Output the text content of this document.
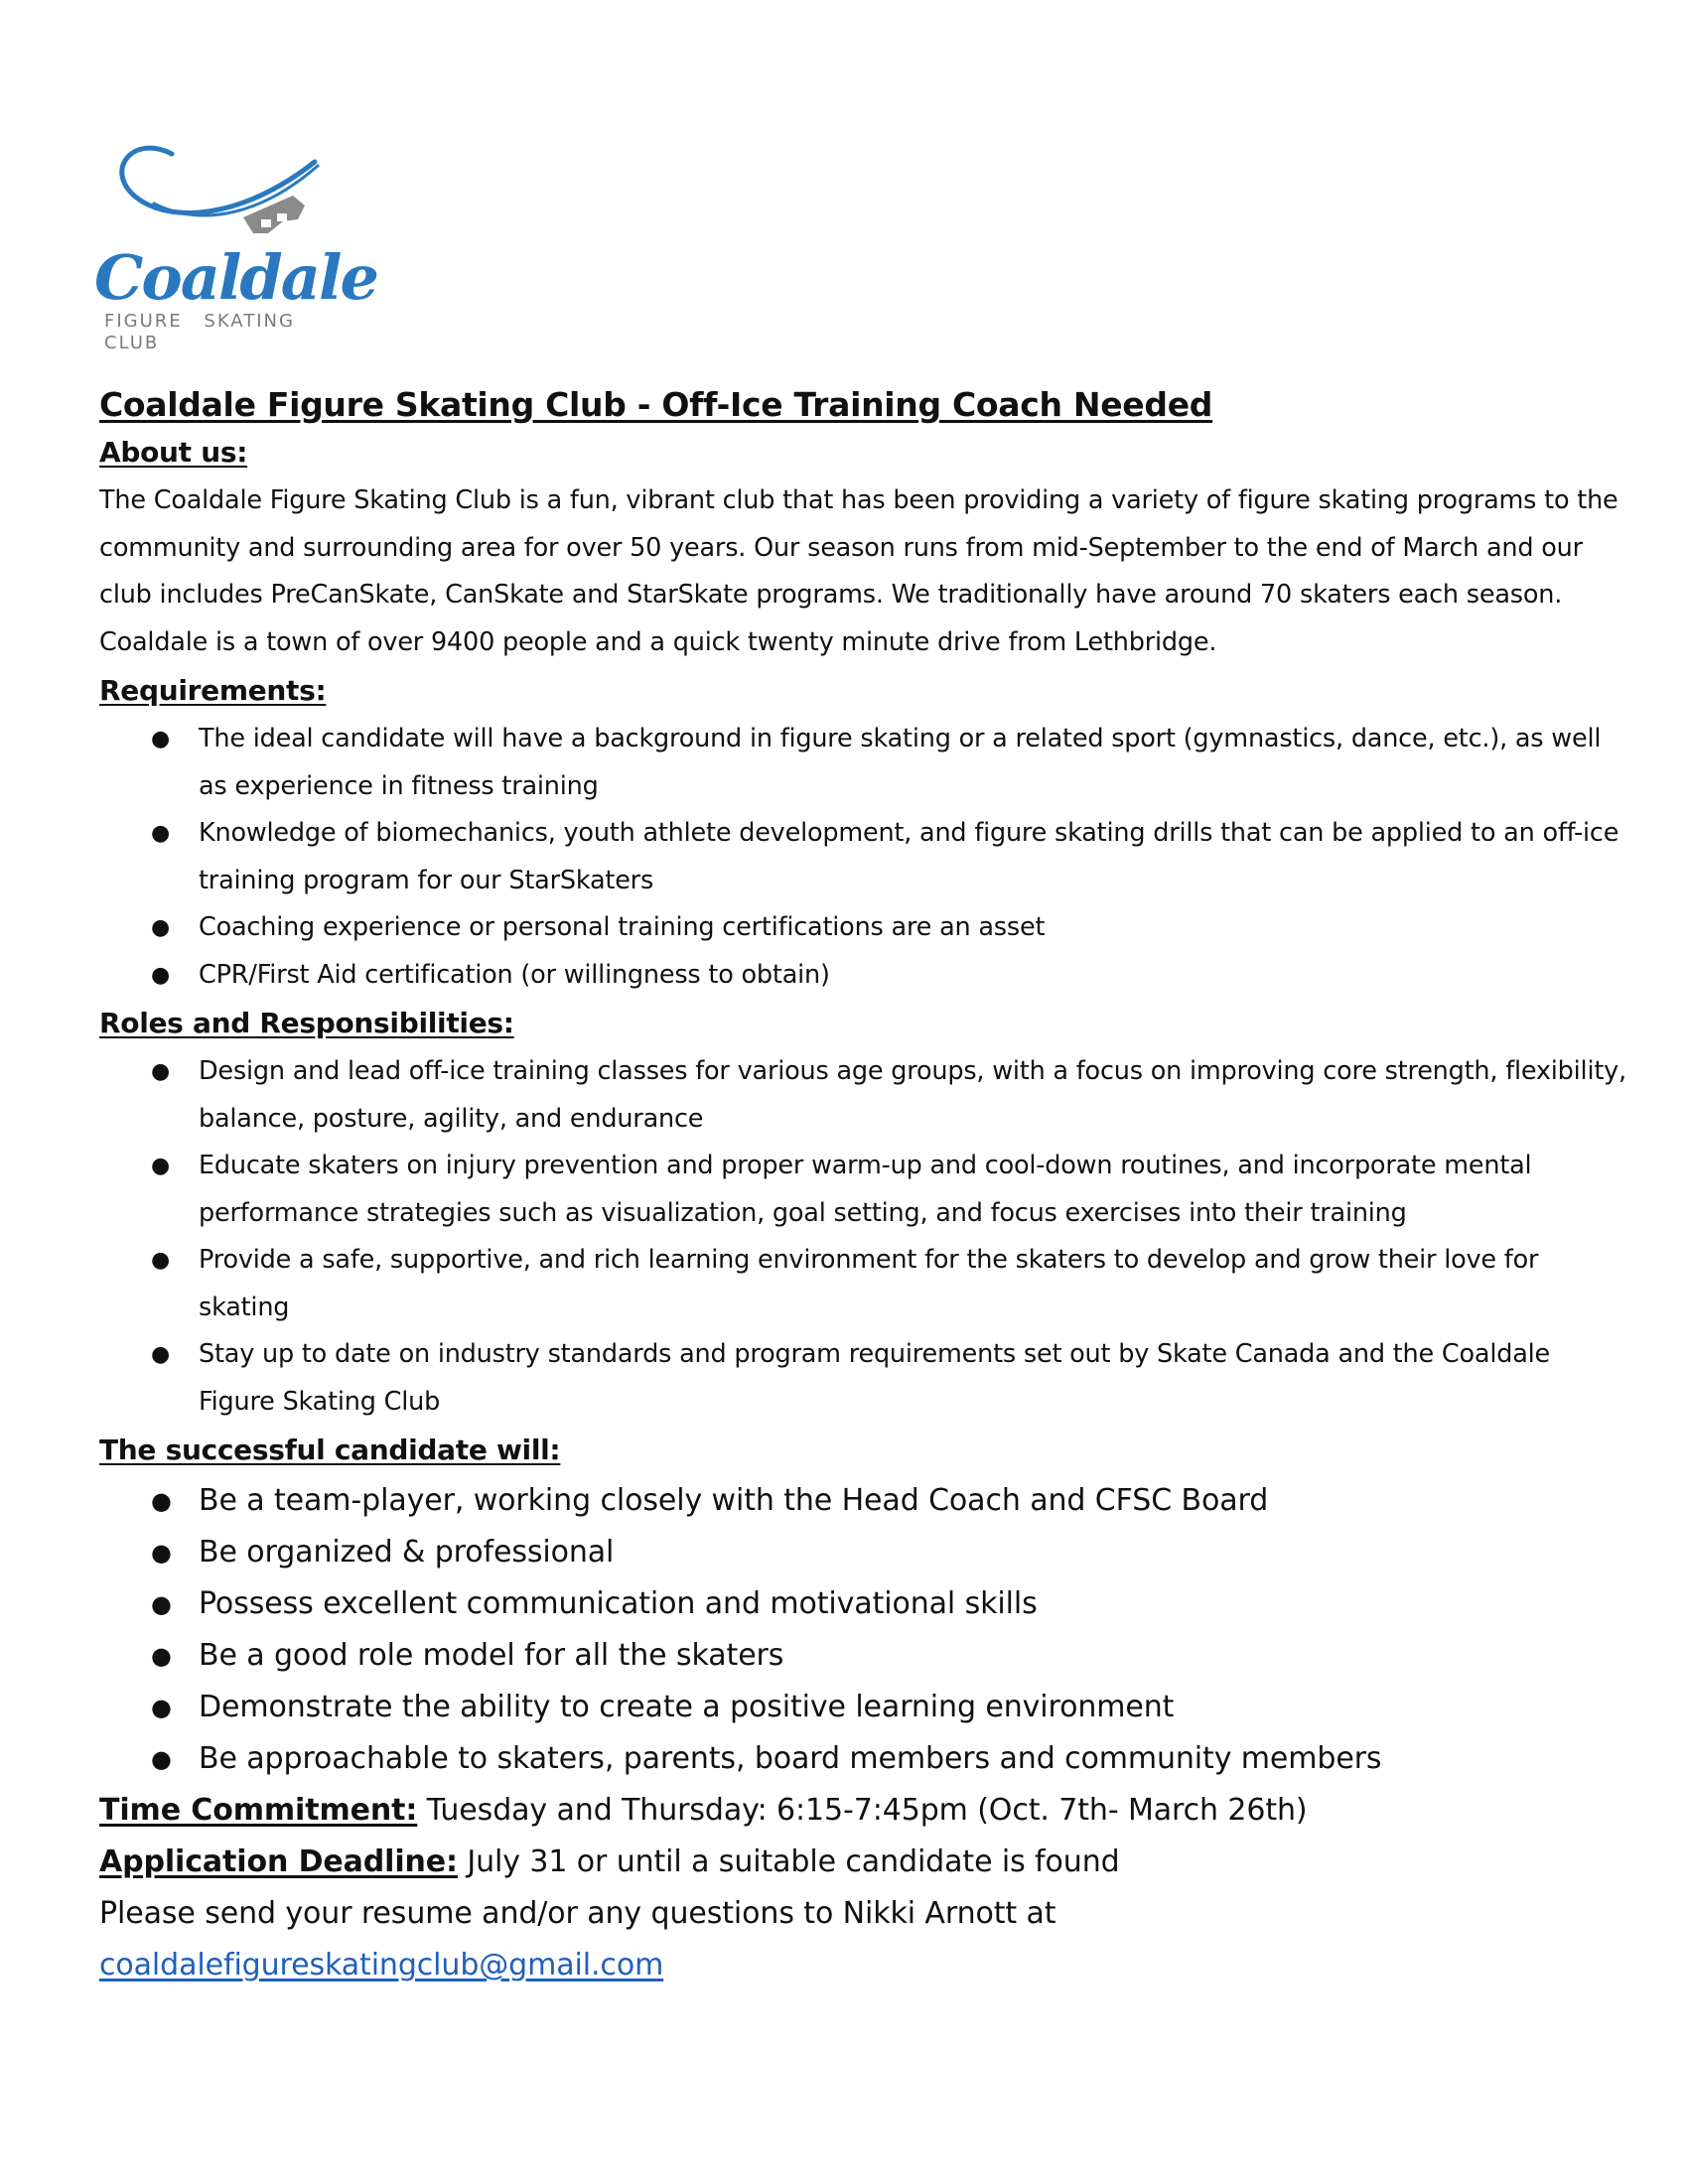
Coaldale
FIGURE SKATING CLUB
Coaldale Figure Skating Club - Off-Ice Training Coach Needed
About us:

The Coaldale Figure Skating Club is a fun, vibrant club that has been providing a variety of figure skating programs to the community and surrounding area for over 50 years. Our season runs from mid-September to the end of March and our club includes PreCanSkate, CanSkate and StarSkate programs. We traditionally have around 70 skaters each season. Coaldale is a town of over 9400 people and a quick twenty minute drive from Lethbridge.

Requirements:
● The ideal candidate will have a background in figure skating or a related sport (gymnastics, dance, etc.), as well as experience in fitness training
● Knowledge of biomechanics, youth athlete development, and figure skating drills that can be applied to an off-ice training program for our StarSkaters
● Coaching experience or personal training certifications are an asset
● CPR/First Aid certification (or willingness to obtain)
Roles and Responsibilities:
● Design and lead off-ice training classes for various age groups, with a focus on improving core strength, flexibility, balance, posture, agility, and endurance
● Educate skaters on injury prevention and proper warm-up and cool-down routines, and incorporate mental performance strategies such as visualization, goal setting, and focus exercises into their training
● Provide a safe, supportive, and rich learning environment for the skaters to develop and grow their love for skating
● Stay up to date on industry standards and program requirements set out by Skate Canada and the Coaldale Figure Skating Club
The successful candidate will:
● Be a team-player, working closely with the Head Coach and CFSC Board
● Be organized & professional
● Possess excellent communication and motivational skills
● Be a good role model for all the skaters
● Demonstrate the ability to create a positive learning environment
● Be approachable to skaters, parents, board members and community members

Time Commitment: Tuesday and Thursday: 6:15-7:45pm (Oct. 7th- March 26th)

Application Deadline: July 31 or until a suitable candidate is found

Please send your resume and/or any questions to Nikki Arnott at coaldalefigureskatingclub@gmail.com
